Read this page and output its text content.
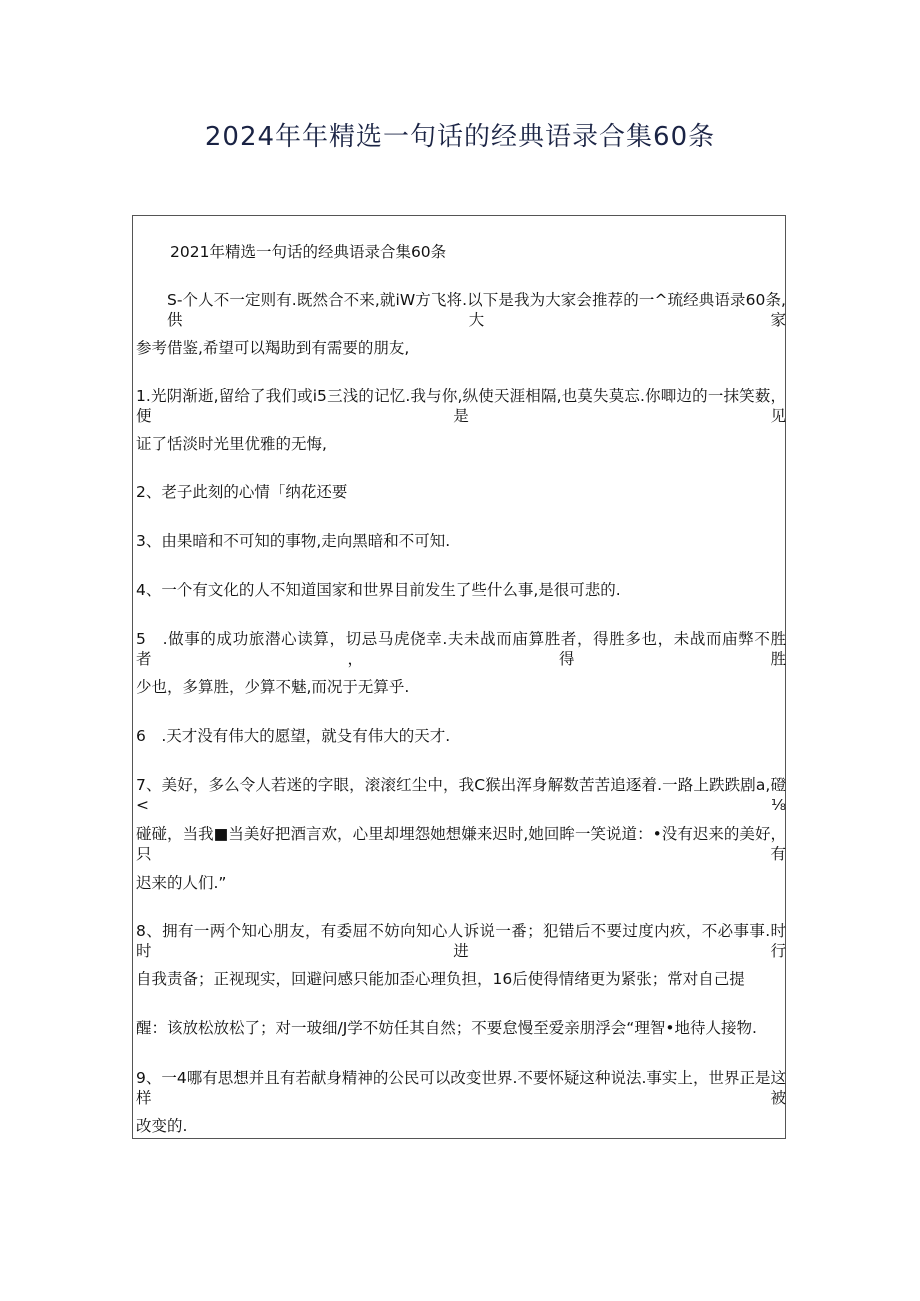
2024年年精选一句话的经典语录合集60条
2021年精选一句话的经典语录合集60条
S-个人不一定则有.既然合不来,就iW方飞将.以下是我为大家会推荐的一^琉经典语录60条,供大家
参考借鉴,希望可以羯助到有需要的朋友,
1.光阴渐逝,留给了我们或i5三浅的记忆.我与你,纵使天涯相隔,也莫失莫忘.你唧边的一抹笑薮，便是见
证了恬淡时光里优雅的无悔,
2、老子此刻的心情「纳花还要
3、由果暗和不可知的事物,走向黑暗和不可知.
4、一个有文化的人不知道国家和世界目前发生了些什么事,是很可悲的.
5　.做事的成功旅潜心读算，切忌马虎侥幸.夫未战而庙算胜者，得胜多也，未战而庙弊不胜者，得胜
少也，多算胜，少算不魅,而况于无算乎.
6　.天才没有伟大的愿望，就殳有伟大的天才.
7、美好，多么令人若迷的字眼，滚滚红尘中，我C猴出浑身解数苦苦追逐着.一路上跌跌剧a,磴 < ⅛
碰碰，当我■当美好把酒言欢，心里却埋怨她想嫌来迟时,她回眸一笑说道：•没有迟来的美好，只有
迟来的人们.”
8、拥有一两个知心朋友，有委屈不妨向知心人诉说一番；犯错后不要过度内疚，不必事事.时时进行
自我责备；正视现实，回避问感只能加歪心理负担，16后使得情绪更为紧张；常对自己提
醒：该放松放松了；对一玻细/J学不妨任其自然；不要怠慢至爱亲朋浮会“理智•地待人接物.
9、一4哪有思想并且有若献身精神的公民可以改变世界.不要怀疑这种说法.事实上，世界正是这样被
改变的.
